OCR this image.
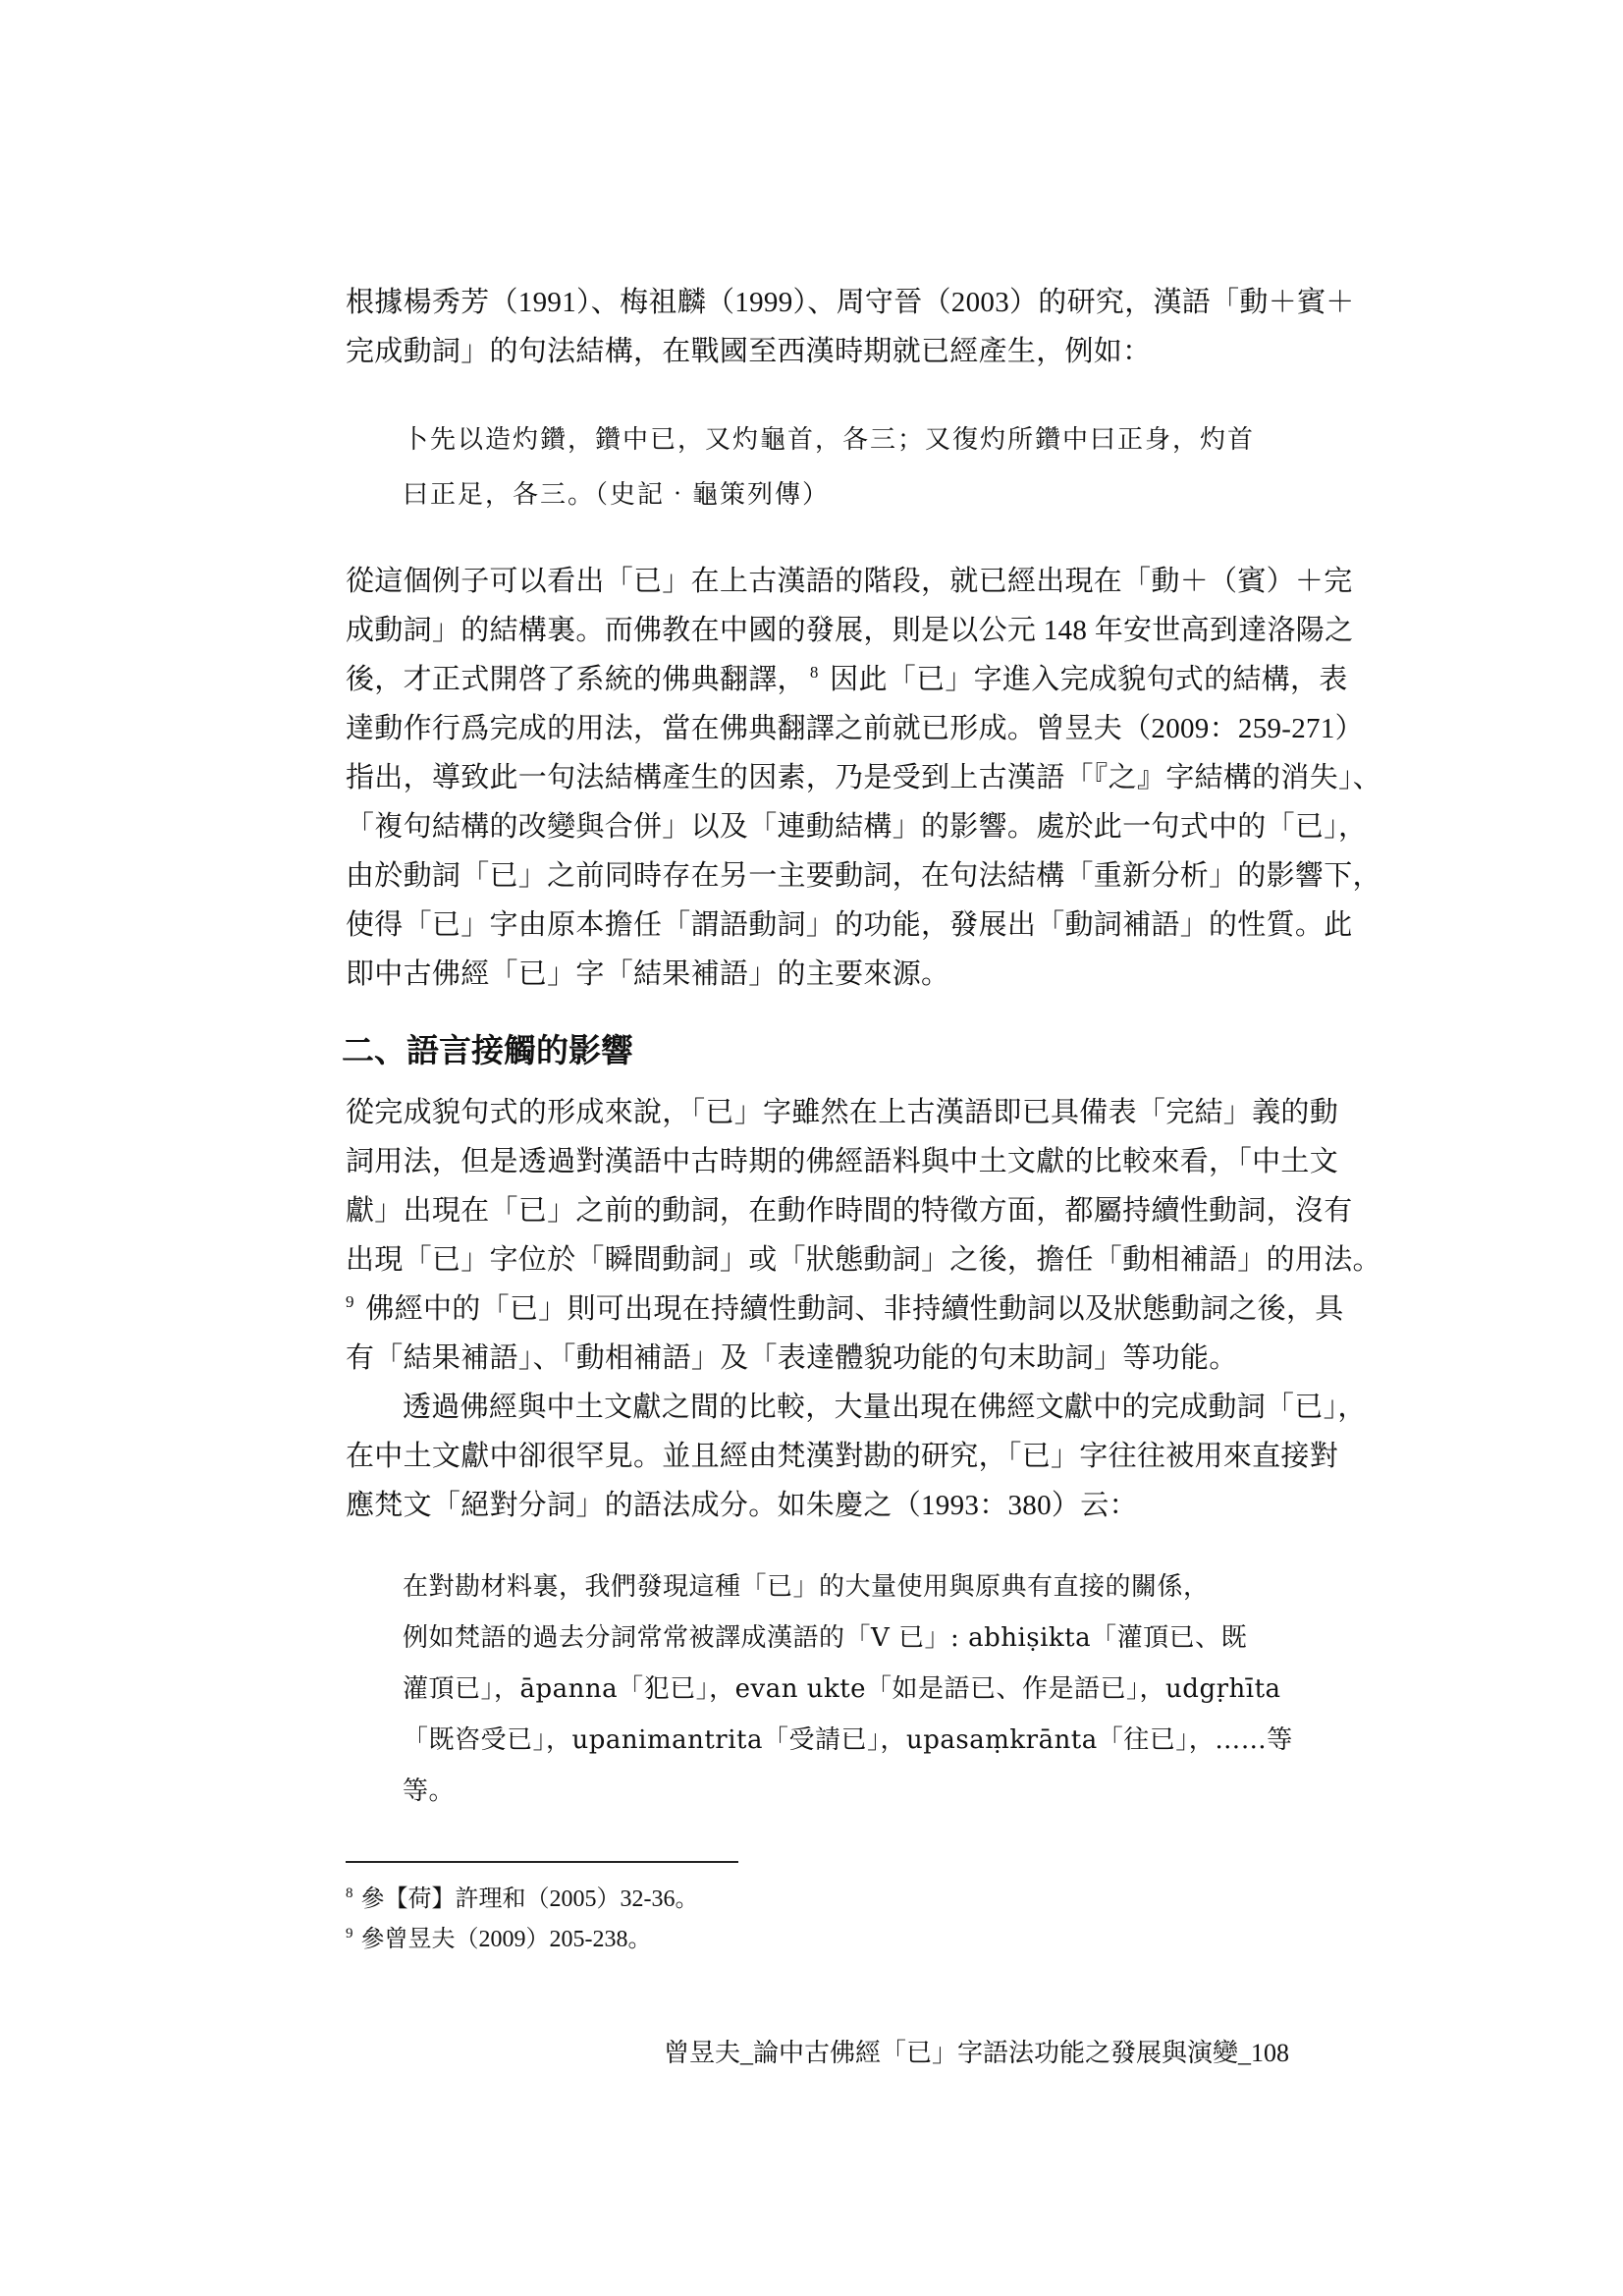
根據楊秀芳（1991）、梅祖麟（1999）、周守晉（2003）的研究，漢語「動＋賓＋
完成動詞」的句法結構，在戰國至西漢時期就已經產生，例如：

卜先以造灼鑽，鑽中已，又灼龜首，各三；又復灼所鑽中曰正身，灼首
曰正足，各三。（史記‧龜策列傳）

從這個例子可以看出「已」在上古漢語的階段，就已經出現在「動＋（賓）＋完
成動詞」的結構裏。而佛教在中國的發展，則是以公元 148 年安世高到達洛陽之
後，才正式開啓了系統的佛典翻譯， $^8$ 因此「已」字進入完成貌句式的結構，表
達動作行爲完成的用法，當在佛典翻譯之前就已形成。曾昱夫（2009：259-271）
指出，導致此一句法結構產生的因素，乃是受到上古漢語「『之』字結構的消失」、
「複句結構的改變與合併」以及「連動結構」的影響。處於此一句式中的「已」，
由於動詞「已」之前同時存在另一主要動詞，在句法結構「重新分析」的影響下，
使得「已」字由原本擔任「謂語動詞」的功能，發展出「動詞補語」的性質。此
即中古佛經「已」字「結果補語」的主要來源。

二、語言接觸的影響

從完成貌句式的形成來說，「已」字雖然在上古漢語即已具備表「完結」義的動
詞用法，但是透過對漢語中古時期的佛經語料與中土文獻的比較來看，「中土文
獻」出現在「已」之前的動詞，在動作時間的特徵方面，都屬持續性動詞，沒有
出現「已」字位於「瞬間動詞」或「狀態動詞」之後，擔任「動相補語」的用法。
$^9$ 佛經中的「已」則可出現在持續性動詞、非持續性動詞以及狀態動詞之後，具
有「結果補語」、「動相補語」及「表達體貌功能的句末助詞」等功能。

透過佛經與中土文獻之間的比較，大量出現在佛經文獻中的完成動詞「已」，
在中土文獻中卻很罕見。並且經由梵漢對勘的研究，「已」字往往被用來直接對
應梵文「絕對分詞」的語法成分。如朱慶之（1993：380）云：

在對勘材料裏，我們發現這種「已」的大量使用與原典有直接的關係，
例如梵語的過去分詞常常被譯成漢語的「V 已」: abhiṣikta「灌頂已、既
灌頂已」，āpanna「犯已」，evan ukte「如是語已、作是語已」，udgṛhīta
「既咨受已」，upanimantrita「受請已」，upasaṃkrānta「往已」，……等
等。

$^8$ 參【荷】許理和（2005）32-36。

$^9$ 參曾昱夫（2009）205-238。

曾昱夫_論中古佛經「已」字語法功能之發展與演變_108
